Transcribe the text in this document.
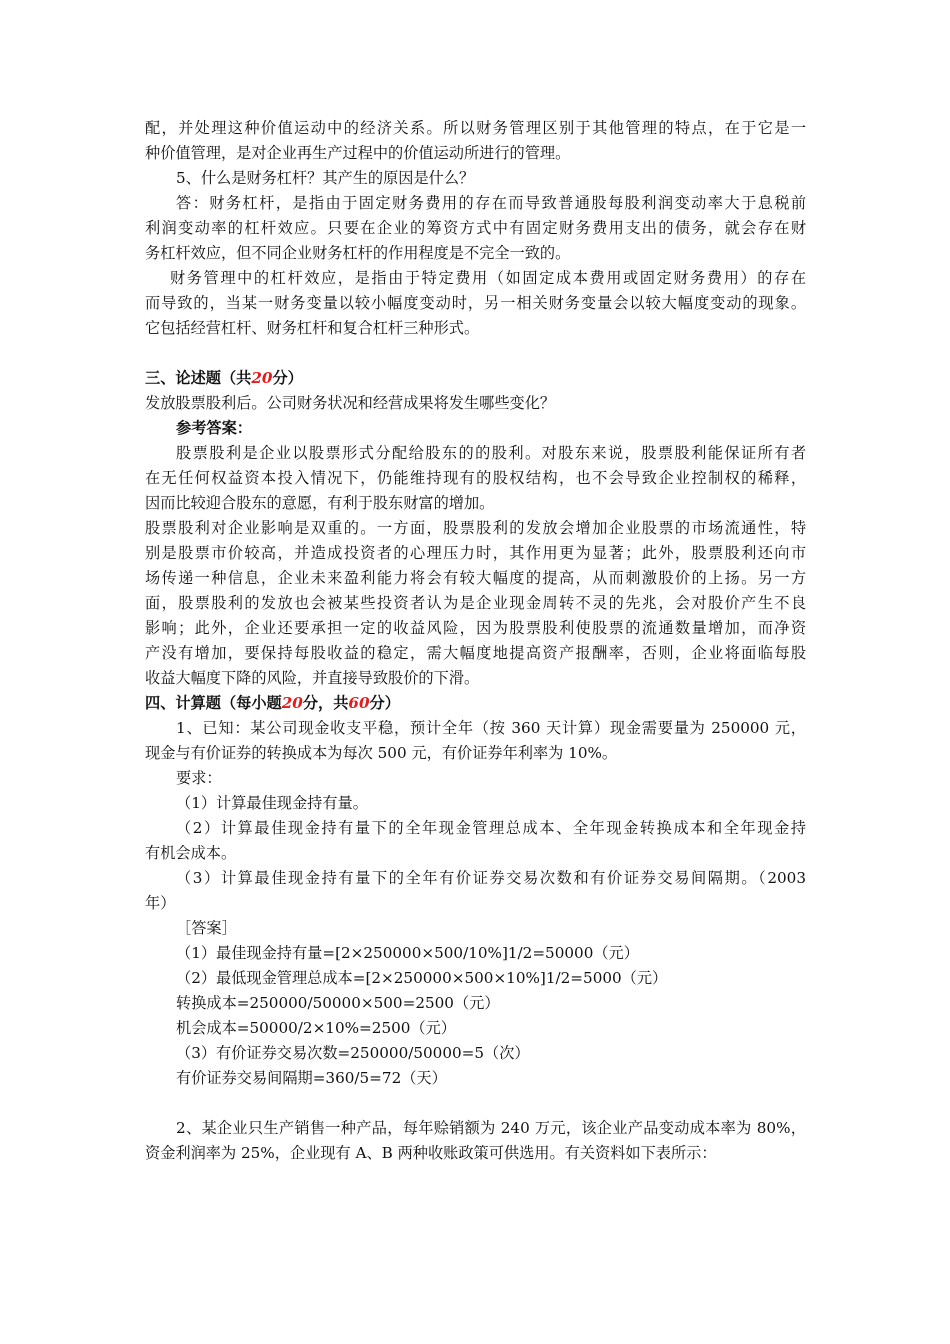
配，并处理这种价值运动中的经济关系。所以财务管理区别于其他管理的特点，在于它是一
种价值管理，是对企业再生产过程中的价值运动所进行的管理。
5、什么是财务杠杆？其产生的原因是什么？
答：财务杠杆，是指由于固定财务费用的存在而导致普通股每股利润变动率大于息税前
利润变动率的杠杆效应。只要在企业的筹资方式中有固定财务费用支出的债务，就会存在财
务杠杆效应，但不同企业财务杠杆的作用程度是不完全一致的。
财务管理中的杠杆效应，是指由于特定费用（如固定成本费用或固定财务费用）的存在
而导致的，当某一财务变量以较小幅度变动时，另一相关财务变量会以较大幅度变动的现象。
它包括经营杠杆、财务杠杆和复合杠杆三种形式。
三、论述题（共20分）
发放股票股利后。公司财务状况和经营成果将发生哪些变化？
参考答案：
股票股利是企业以股票形式分配给股东的的股利。对股东来说，股票股利能保证所有者
在无任何权益资本投入情况下，仍能维持现有的股权结构，也不会导致企业控制权的稀释，
因而比较迎合股东的意愿，有利于股东财富的增加。
股票股利对企业影响是双重的。一方面，股票股利的发放会增加企业股票的市场流通性，特
别是股票市价较高，并造成投资者的心理压力时，其作用更为显著；此外，股票股利还向市
场传递一种信息，企业未来盈利能力将会有较大幅度的提高，从而刺激股价的上扬。另一方
面，股票股利的发放也会被某些投资者认为是企业现金周转不灵的先兆，会对股价产生不良
影响；此外，企业还要承担一定的收益风险，因为股票股利使股票的流通数量增加，而净资
产没有增加，要保持每股收益的稳定，需大幅度地提高资产报酬率，否则，企业将面临每股
收益大幅度下降的风险，并直接导致股价的下滑。
四、计算题（每小题20分，共60分）
1、已知：某公司现金收支平稳，预计全年（按 360 天计算）现金需要量为 250000 元，
现金与有价证券的转换成本为每次 500 元，有价证券年利率为 10%。
要求：
（1）计算最佳现金持有量。
（2）计算最佳现金持有量下的全年现金管理总成本、全年现金转换成本和全年现金持
有机会成本。
（3）计算最佳现金持有量下的全年有价证券交易次数和有价证券交易间隔期。（2003
年）
［答案］
（1）最佳现金持有量=[2×250000×500/10%]1/2=50000（元）
（2）最低现金管理总成本=[2×250000×500×10%]1/2=5000（元）
转换成本=250000/50000×500=2500（元）
机会成本=50000/2×10%=2500（元）
（3）有价证券交易次数=250000/50000=5（次）
有价证券交易间隔期=360/5=72（天）
2、某企业只生产销售一种产品，每年赊销额为 240 万元，该企业产品变动成本率为 80%，
资金利润率为 25%，企业现有 A、B 两种收账政策可供选用。有关资料如下表所示：
